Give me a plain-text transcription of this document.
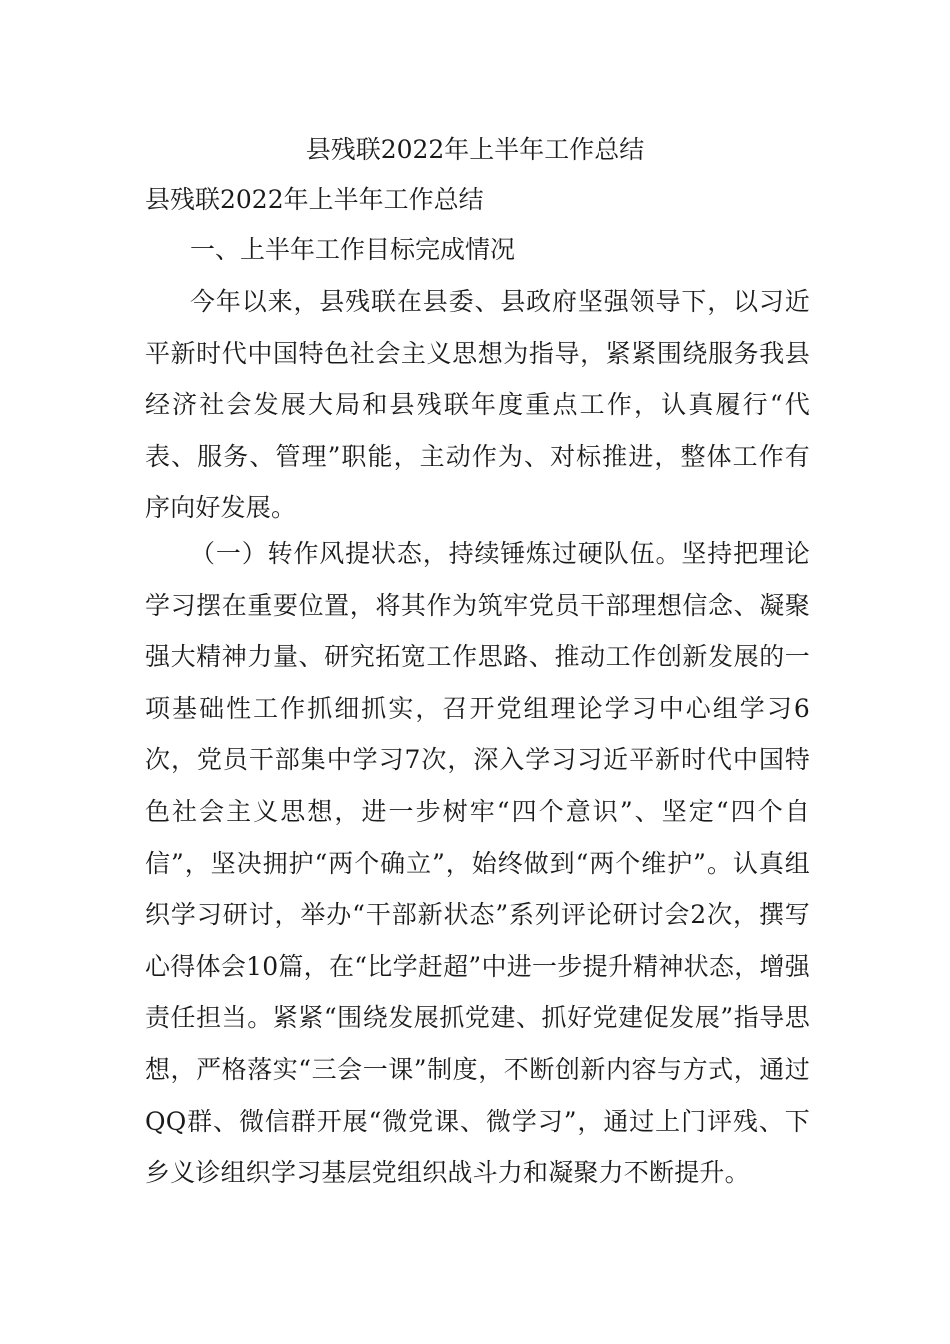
县残联2022年上半年工作总结
县残联2022年上半年工作总结
一、上半年工作目标完成情况
今年以来，县残联在县委、县政府坚强领导下，以习近平新时代中国特色社会主义思想为指导，紧紧围绕服务我县经济社会发展大局和县残联年度重点工作，认真履行“代表、服务、管理”职能，主动作为、对标推进，整体工作有序向好发展。
（一）转作风提状态，持续锤炼过硬队伍。坚持把理论学习摆在重要位置，将其作为筑牢党员干部理想信念、凝聚强大精神力量、研究拓宽工作思路、推动工作创新发展的一项基础性工作抓细抓实，召开党组理论学习中心组学习6次，党员干部集中学习7次，深入学习习近平新时代中国特色社会主义思想，进一步树牢“四个意识”、坚定“四个自信”，坚决拥护“两个确立”，始终做到“两个维护”。认真组织学习研讨，举办“干部新状态”系列评论研讨会2次，撰写心得体会10篇，在“比学赶超”中进一步提升精神状态，增强责任担当。紧紧“围绕发展抓党建、抓好党建促发展”指导思想，严格落实“三会一课”制度，不断创新内容与方式，通过QQ群、微信群开展“微党课、微学习”，通过上门评残、下乡义诊组织学习基层党组织战斗力和凝聚力不断提升。
